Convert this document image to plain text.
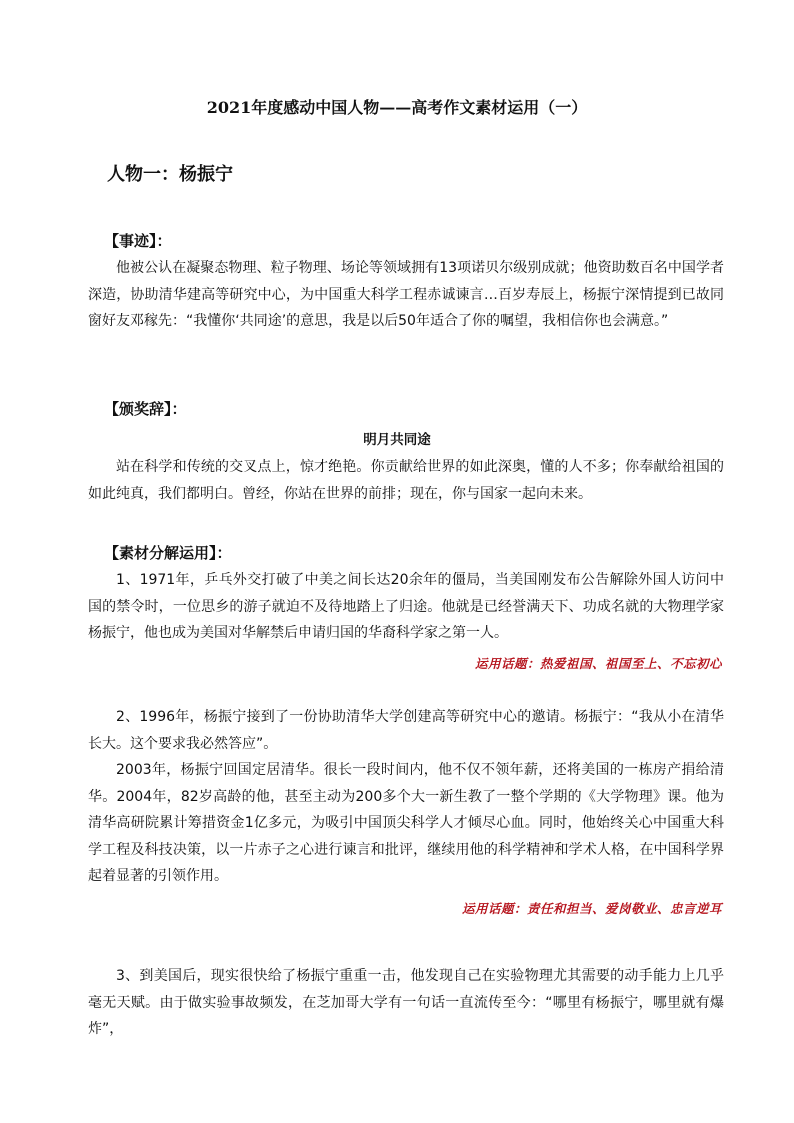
2021年度感动中国人物——高考作文素材运用（一）
人物一：杨振宁
【事迹】：

他被公认在凝聚态物理、粒子物理、场论等领域拥有13项诺贝尔级别成就；他资助数百名中国学者深造，协助清华建高等研究中心，为中国重大科学工程赤诚谏言…百岁寿辰上，杨振宁深情提到已故同窗好友邓稼先：“我懂你‘共同途’的意思，我是以后50年适合了你的嘱望，我相信你也会满意。”

【颁奖辞】：
明月共同途

站在科学和传统的交叉点上，惊才绝艳。你贡献给世界的如此深奥，懂的人不多；你奉献给祖国的如此纯真，我们都明白。曾经，你站在世界的前排；现在，你与国家一起向未来。

【素材分解运用】：

1、1971年，乒乓外交打破了中美之间长达20余年的僵局，当美国刚发布公告解除外国人访问中国的禁令时，一位思乡的游子就迫不及待地踏上了归途。他就是已经誉满天下、功成名就的大物理学家杨振宁，他也成为美国对华解禁后申请归国的华裔科学家之第一人。

运用话题：热爱祖国、祖国至上、不忘初心

2、1996年，杨振宁接到了一份协助清华大学创建高等研究中心的邀请。杨振宁：“我从小在清华长大。这个要求我必然答应”。

2003年，杨振宁回国定居清华。很长一段时间内，他不仅不领年薪，还将美国的一栋房产捐给清华。2004年，82岁高龄的他，甚至主动为200多个大一新生教了一整个学期的《大学物理》课。他为清华高研院累计筹措资金1亿多元，为吸引中国顶尖科学人才倾尽心血。同时，他始终关心中国重大科学工程及科技决策，以一片赤子之心进行谏言和批评，继续用他的科学精神和学术人格，在中国科学界起着显著的引领作用。

运用话题：责任和担当、爱岗敬业、忠言逆耳

3、到美国后，现实很快给了杨振宁重重一击，他发现自己在实验物理尤其需要的动手能力上几乎毫无天赋。由于做实验事故频发，在芝加哥大学有一句话一直流传至今：“哪里有杨振宁，哪里就有爆炸”，
